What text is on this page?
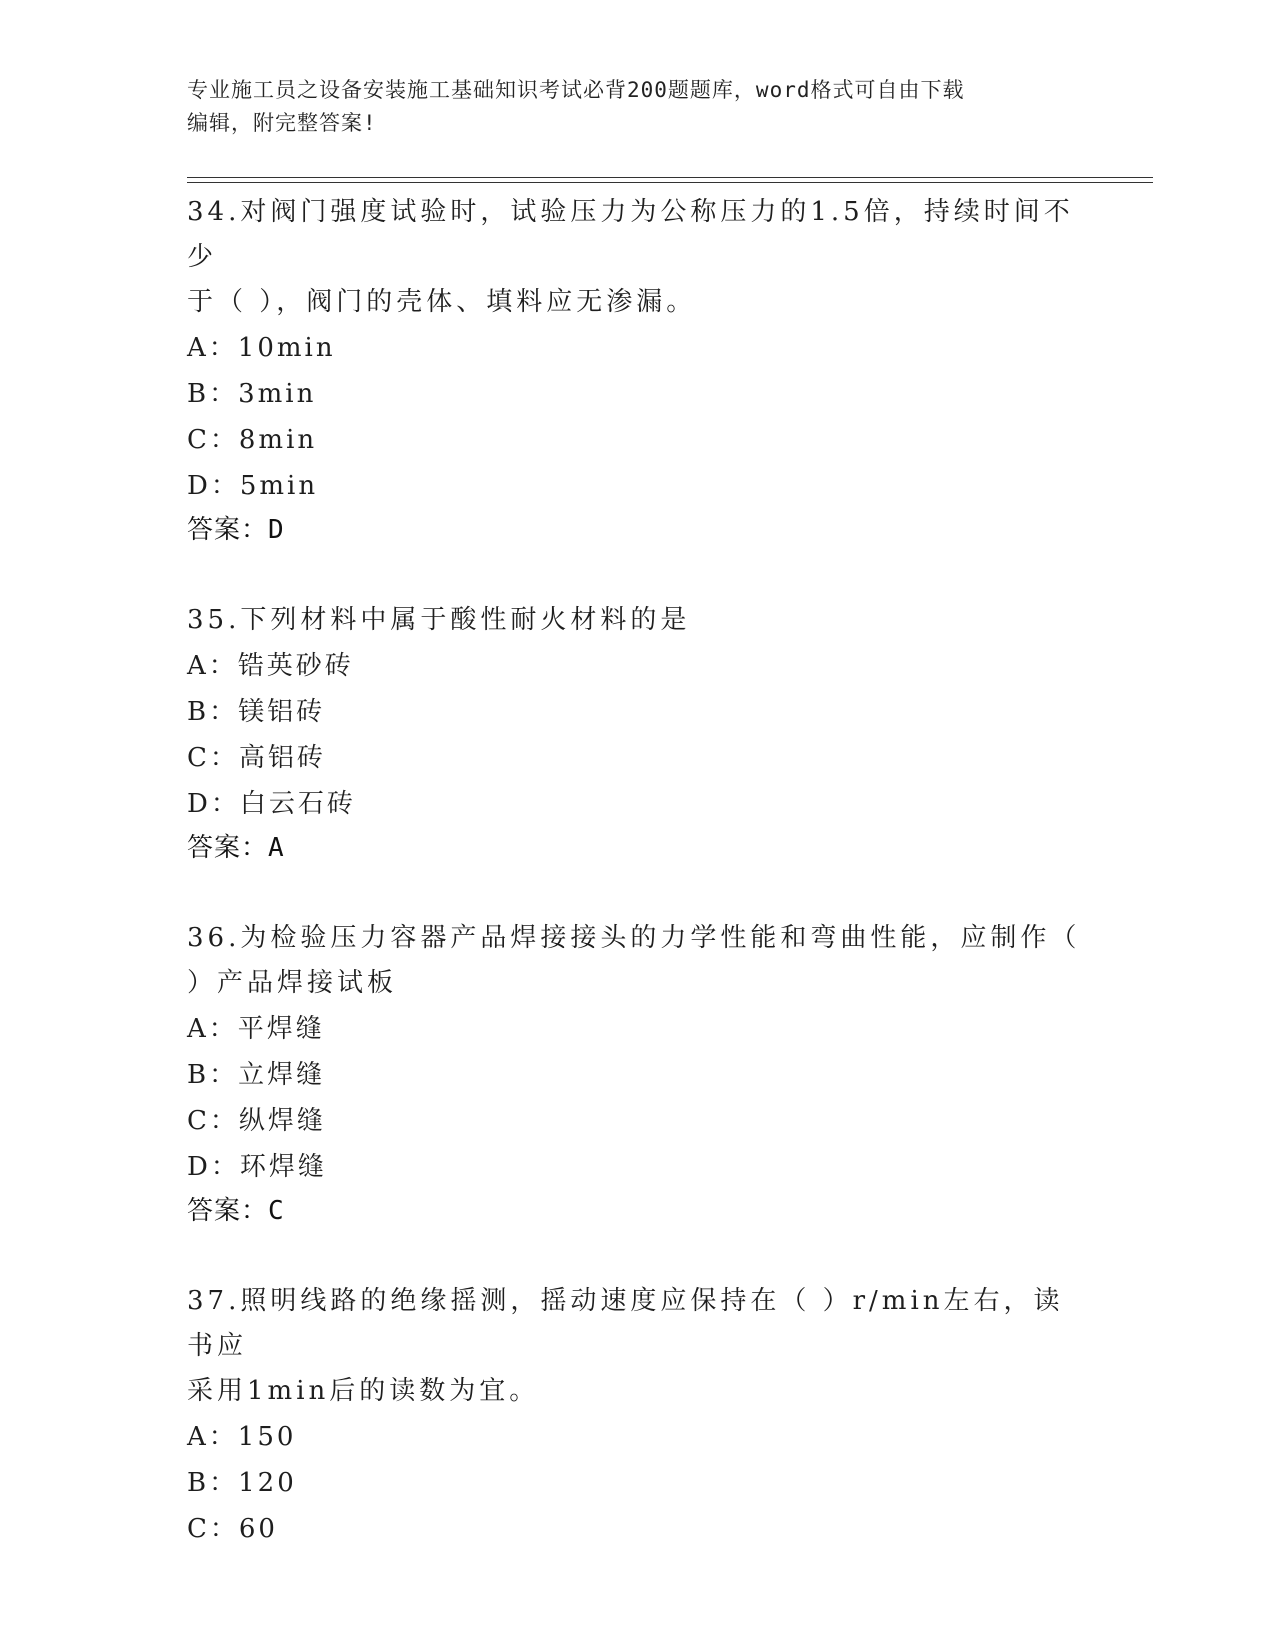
专业施工员之设备安装施工基础知识考试必背200题题库，word格式可自由下载
编辑，附完整答案!
34.对阀门强度试验时，试验压力为公称压力的1.5倍，持续时间不少
于（ ），阀门的壳体、填料应无渗漏。
A：10min
B：3min
C：8min
D：5min
答案：D
35.下列材料中属于酸性耐火材料的是
A：锆英砂砖
B：镁铝砖
C：高铝砖
D：白云石砖
答案：A
36.为检验压力容器产品焊接接头的力学性能和弯曲性能，应制作（
）产品焊接试板
A：平焊缝
B：立焊缝
C：纵焊缝
D：环焊缝
答案：C
37.照明线路的绝缘摇测，摇动速度应保持在（ ）r/min左右，读书应
采用1min后的读数为宜。
A：150
B：120
C：60
